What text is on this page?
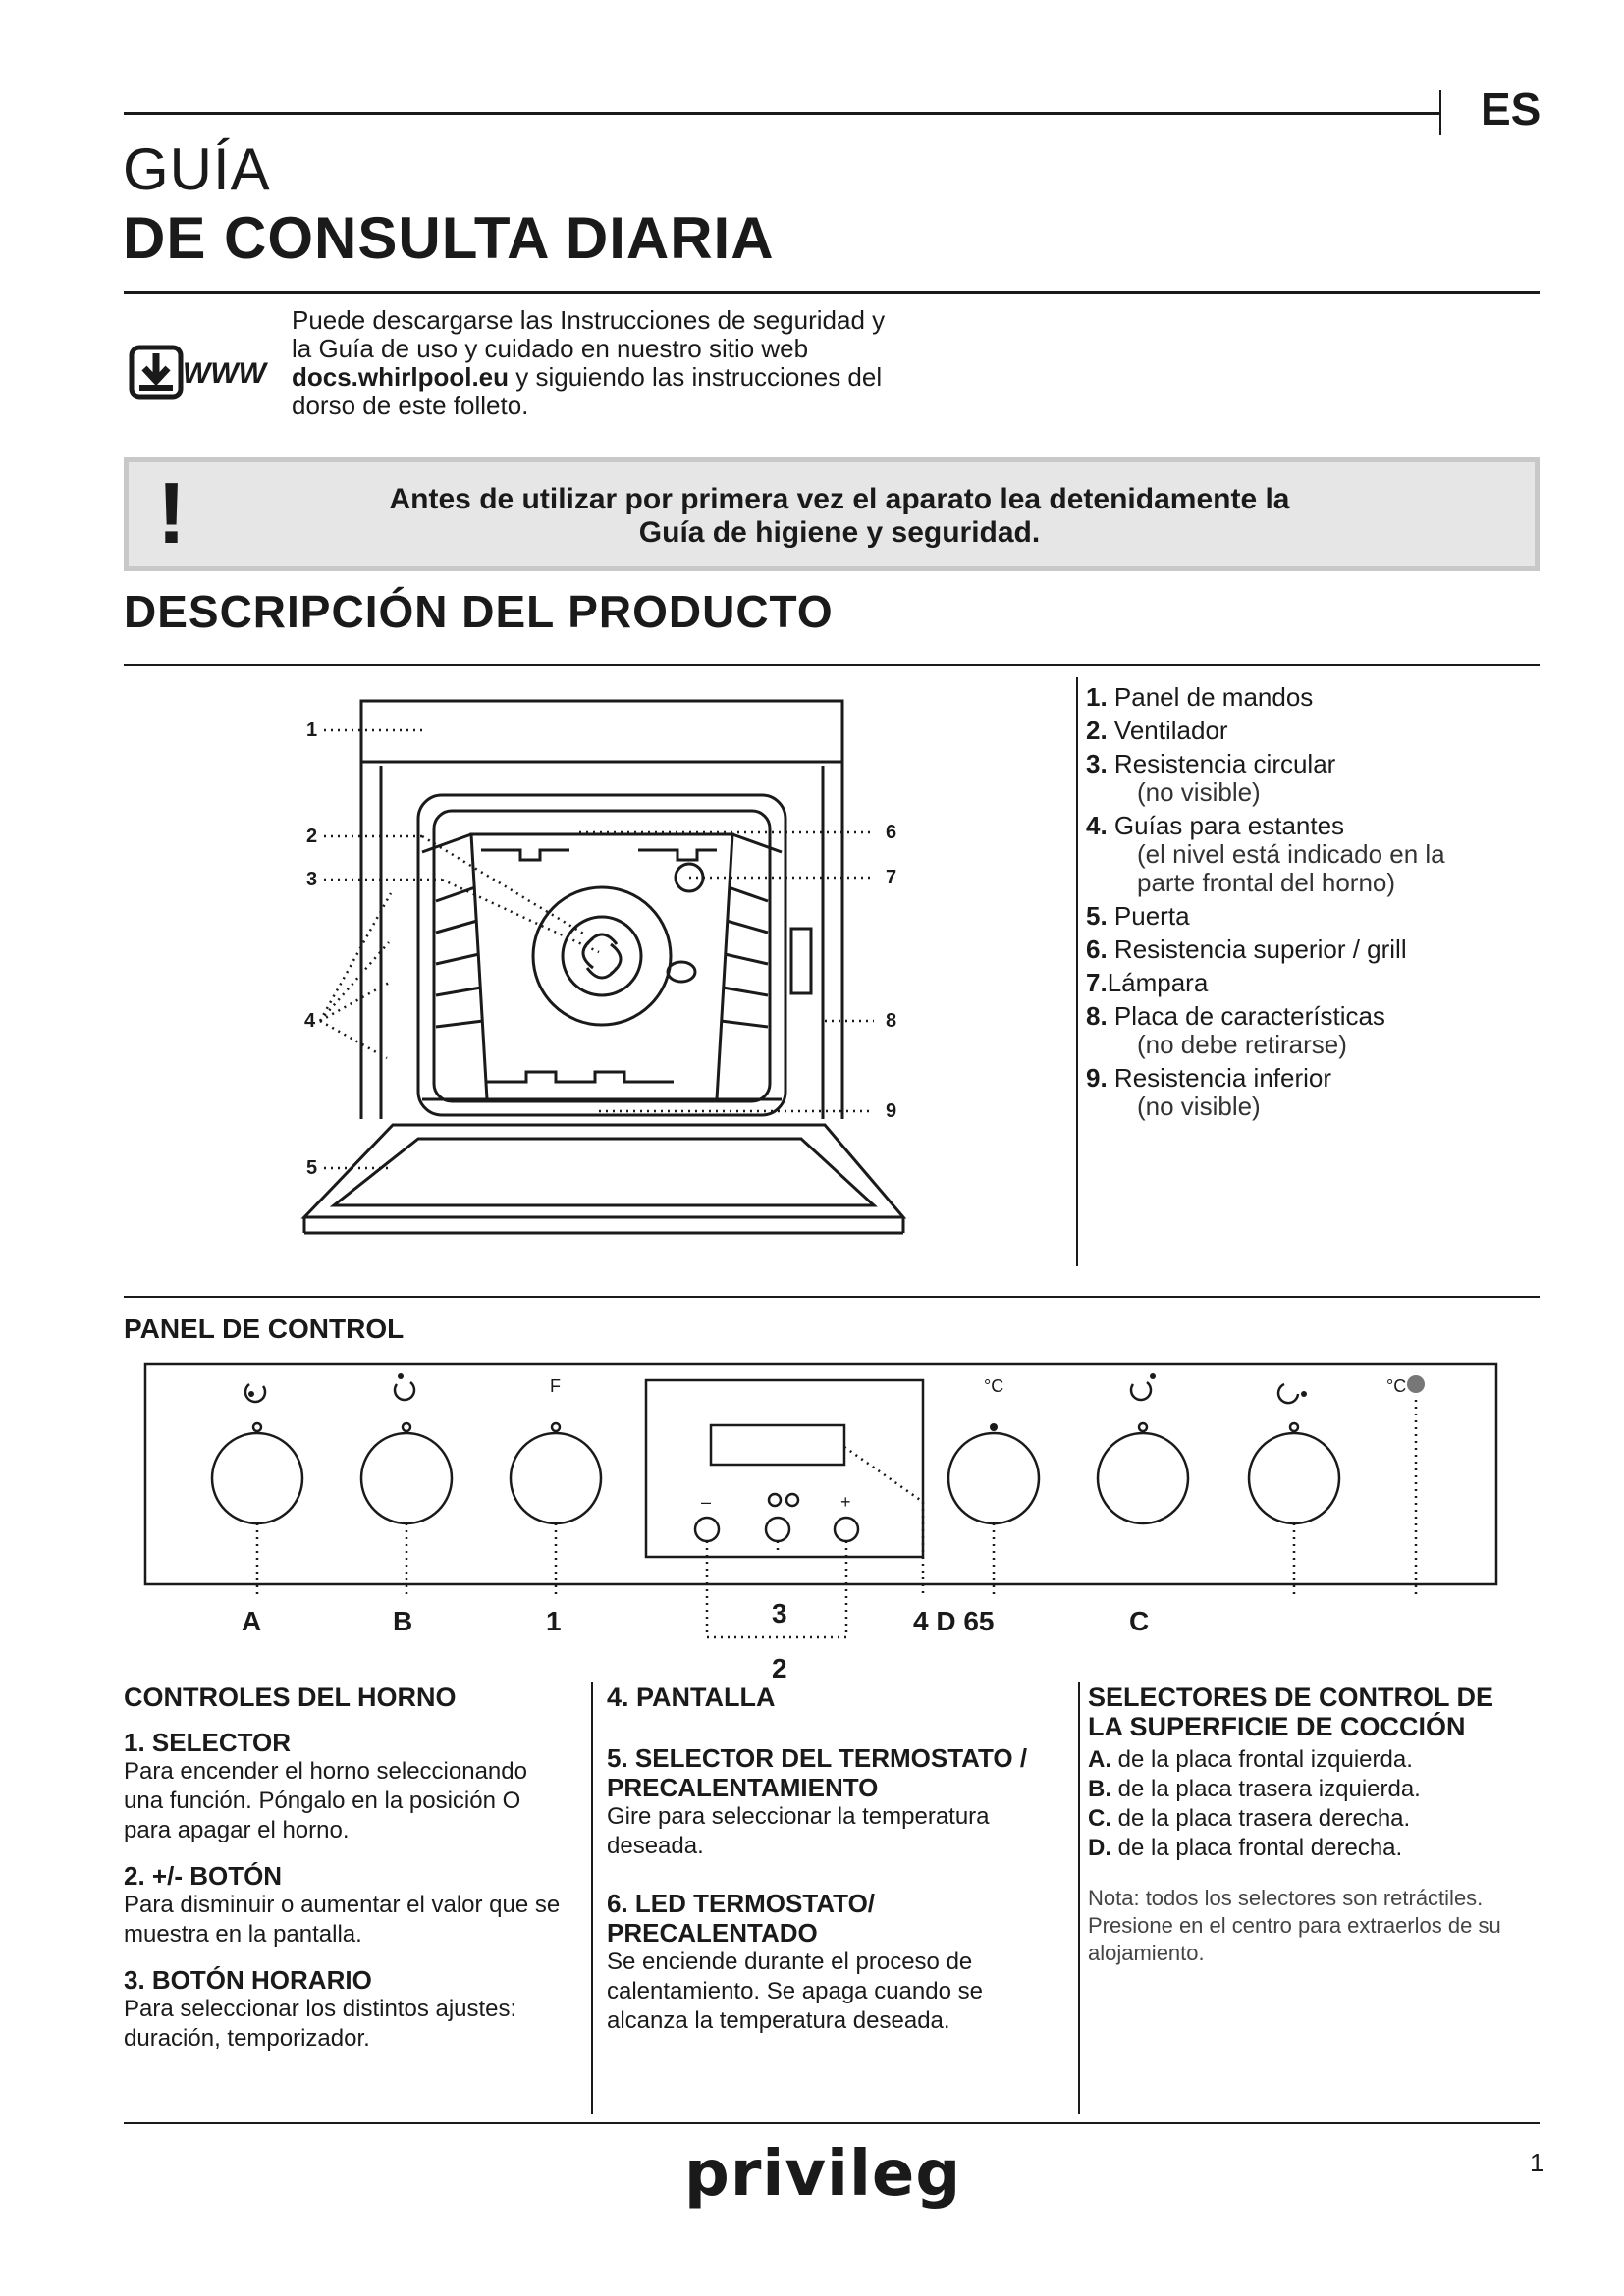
ES
GUÍA
DE CONSULTA DIARIA
WWW
Puede descargarse las Instrucciones de seguridad y la Guía de uso y cuidado en nuestro sitio web docs.whirlpool.eu y siguiendo las instrucciones del dorso de este folleto.
!	Antes de utilizar por primera vez el aparato lea detenidamente la
Guía de higiene y seguridad.
DESCRIPCIÓN DEL PRODUCTO
1
2
3
4
5
6
7
8
9
1. Panel de mandos
2. Ventilador
3. Resistencia circular
(no visible)
4. Guías para estantes
(el nivel está indicado en la parte frontal del horno)
5. Puerta
6. Resistencia superior / grill
7.Lámpara
8. Placa de características
(no debe retirarse)
9. Resistencia inferior
(no visible)
PANEL DE CONTROL
F	°C	°C
–	+
A	B	1	3
2
4 D 65	C
CONTROLES DEL HORNO
1. SELECTOR
Para encender el horno seleccionando una función. Póngalo en la posición O para apagar el horno.
2. +/- BOTÓN
Para disminuir o aumentar el valor que se muestra en la pantalla.
3. BOTÓN HORARIO
Para seleccionar los distintos ajustes: duración, temporizador.
4. PANTALLA
5. SELECTOR DEL TERMOSTATO / PRECALENTAMIENTO
Gire para seleccionar la temperatura deseada.
6. LED TERMOSTATO/ PRECALENTADO
Se enciende durante el proceso de calentamiento. Se apaga cuando se alcanza la temperatura deseada.
SELECTORES DE CONTROL DE LA SUPERFICIE DE COCCIÓN
A. de la placa frontal izquierda.
B. de la placa trasera izquierda.
C. de la placa trasera derecha.
D. de la placa frontal derecha.
Nota: todos los selectores son retráctiles. Presione en el centro para extraerlos de su alojamiento.
privileg	1
